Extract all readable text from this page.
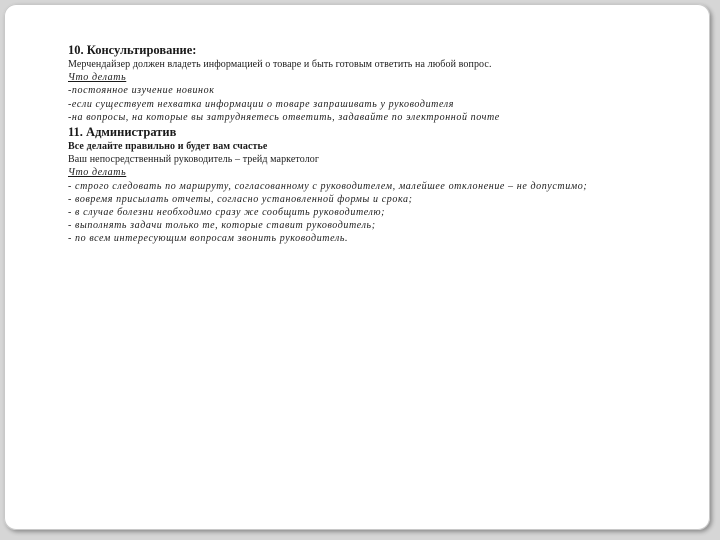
10. Консультирование:
Мерчендайзер должен владеть информацией о товаре и быть готовым ответить на любой вопрос.
Что делать
-постоянное изучение новинок
-если существует нехватка информации о товаре запрашивать у руководителя
-на вопросы, на которые вы затрудняетесь ответить, задавайте по электронной почте
11. Административ
Все делайте правильно и будет вам счастье
Ваш непосредственный руководитель – трейд маркетолог
Что делать
- строго следовать по маршруту, согласованному с руководителем, малейшее отклонение – не допустимо;
- вовремя присылать отчеты, согласно установленной формы и срока;
- в случае болезни необходимо сразу же сообщить руководителю;
- выполнять задачи только те, которые ставит руководитель;
- по всем интересующим вопросам звонить руководитель.
